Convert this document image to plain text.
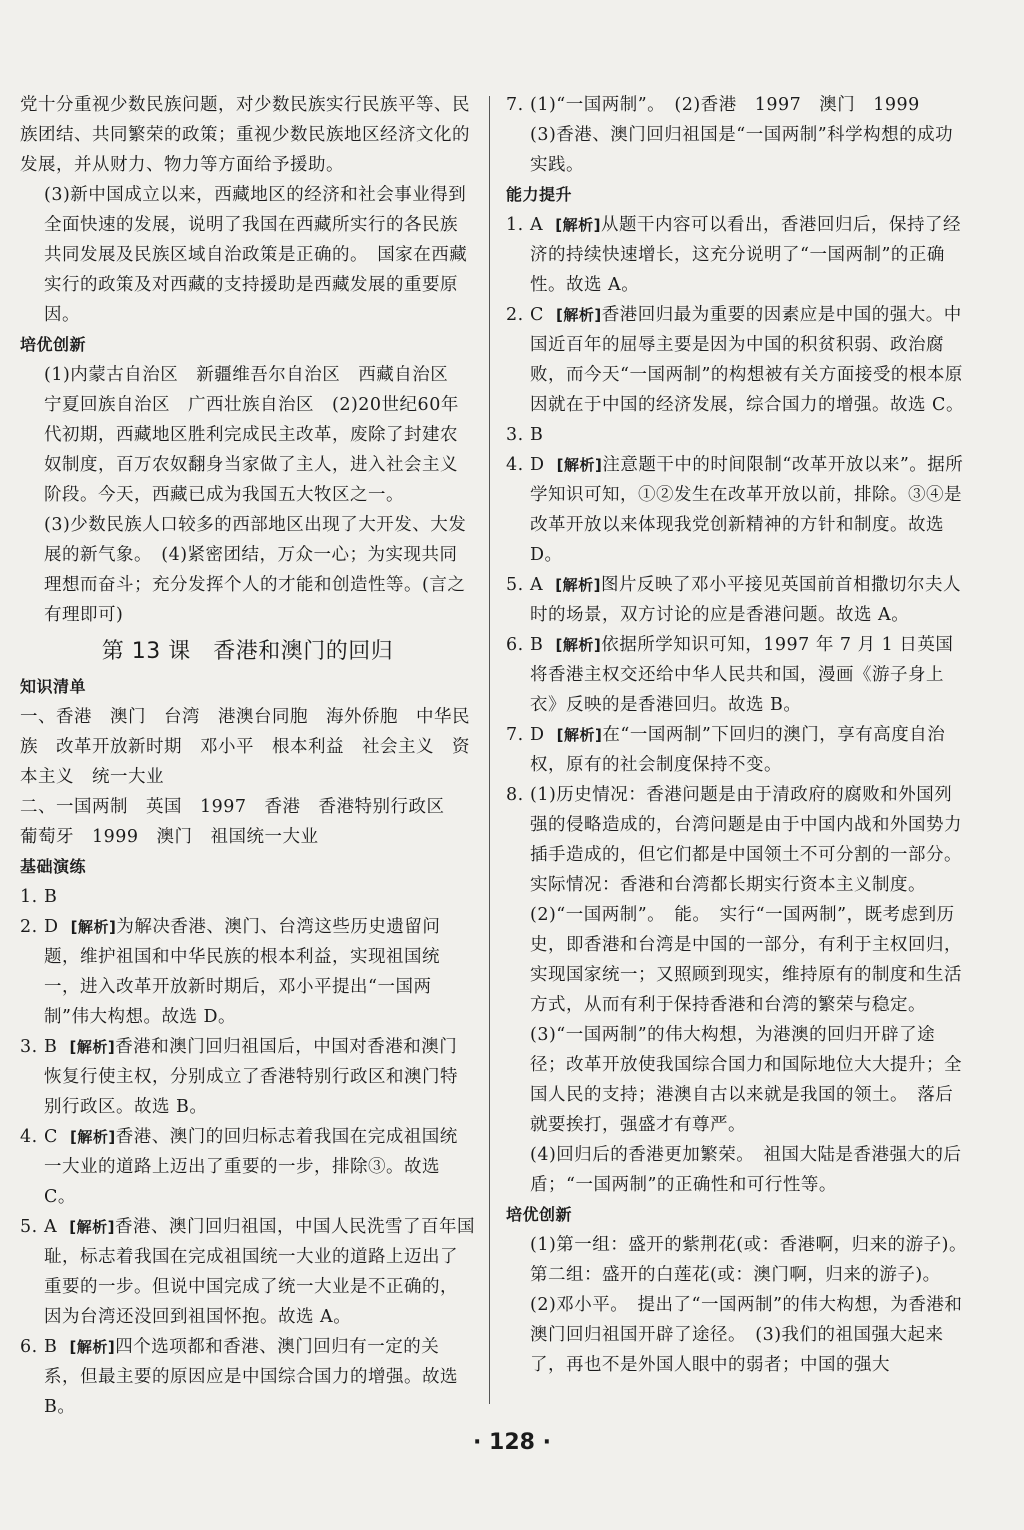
党十分重视少数民族问题，对少数民族实行民族平等、民族团结、共同繁荣的政策；重视少数民族地区经济文化的发展，并从财力、物力等方面给予援助。

(3)新中国成立以来，西藏地区的经济和社会事业得到全面快速的发展，说明了我国在西藏所实行的各民族共同发展及民族区域自治政策是正确的。　国家在西藏实行的政策及对西藏的支持援助是西藏发展的重要原因。

培优创新

(1)内蒙古自治区　新疆维吾尔自治区　西藏自治区　宁夏回族自治区　广西壮族自治区　(2)20世纪60年代初期，西藏地区胜利完成民主改革，废除了封建农奴制度，百万农奴翻身当家做了主人，进入社会主义阶段。今天，西藏已成为我国五大牧区之一。

(3)少数民族人口较多的西部地区出现了大开发、大发展的新气象。　(4)紧密团结，万众一心；为实现共同理想而奋斗；充分发挥个人的才能和创造性等。(言之有理即可)

第 13 课　香港和澳门的回归

知识清单

一、香港　澳门　台湾　港澳台同胞　海外侨胞　中华民族　改革开放新时期　邓小平　根本利益　社会主义　资本主义　统一大业

二、一国两制　英国　1997　香港　香港特别行政区　葡萄牙　1999　澳门　祖国统一大业

基础演练

1. B
2. D [解析]为解决香港、澳门、台湾这些历史遗留问题，维护祖国和中华民族的根本利益，实现祖国统一，进入改革开放新时期后，邓小平提出“一国两制”伟大构想。故选 D。
3. B [解析]香港和澳门回归祖国后，中国对香港和澳门恢复行使主权，分别成立了香港特别行政区和澳门特别行政区。故选 B。
4. C [解析]香港、澳门的回归标志着我国在完成祖国统一大业的道路上迈出了重要的一步，排除③。故选 C。
5. A [解析]香港、澳门回归祖国，中国人民洗雪了百年国耻，标志着我国在完成祖国统一大业的道路上迈出了重要的一步。但说中国完成了统一大业是不正确的，因为台湾还没回到祖国怀抱。故选 A。
6. B [解析]四个选项都和香港、澳门回归有一定的关系，但最主要的原因应是中国综合国力的增强。故选 B。
7. (1)“一国两制”。　(2)香港　1997　澳门　1999

(3)香港、澳门回归祖国是“一国两制”科学构想的成功实践。

能力提升

1. A [解析]从题干内容可以看出，香港回归后，保持了经济的持续快速增长，这充分说明了“一国两制”的正确性。故选 A。
2. C [解析]香港回归最为重要的因素应是中国的强大。中国近百年的屈辱主要是因为中国的积贫积弱、政治腐败，而今天“一国两制”的构想被有关方面接受的根本原因就在于中国的经济发展，综合国力的增强。故选 C。
3. B
4. D [解析]注意题干中的时间限制“改革开放以来”。据所学知识可知，①②发生在改革开放以前，排除。③④是改革开放以来体现我党创新精神的方针和制度。故选 D。
5. A [解析]图片反映了邓小平接见英国前首相撒切尔夫人时的场景，双方讨论的应是香港问题。故选 A。
6. B [解析]依据所学知识可知，1997 年 7 月 1 日英国将香港主权交还给中华人民共和国，漫画《游子身上衣》反映的是香港回归。故选 B。
7. D [解析]在“一国两制”下回归的澳门，享有高度自治权，原有的社会制度保持不变。
8. (1)历史情况：香港问题是由于清政府的腐败和外国列强的侵略造成的，台湾问题是由于中国内战和外国势力插手造成的，但它们都是中国领土不可分割的一部分。　实际情况：香港和台湾都长期实行资本主义制度。　(2)“一国两制”。　能。　实行“一国两制”，既考虑到历史，即香港和台湾是中国的一部分，有利于主权回归，实现国家统一；又照顾到现实，维持原有的制度和生活方式，从而有利于保持香港和台湾的繁荣与稳定。　(3)“一国两制”的伟大构想，为港澳的回归开辟了途径；改革开放使我国综合国力和国际地位大大提升；全国人民的支持；港澳自古以来就是我国的领土。　落后就要挨打，强盛才有尊严。

(4)回归后的香港更加繁荣。　祖国大陆是香港强大的后盾；“一国两制”的正确性和可行性等。

培优创新

(1)第一组：盛开的紫荆花(或：香港啊，归来的游子)。第二组：盛开的白莲花(或：澳门啊，归来的游子)。

(2)邓小平。　提出了“一国两制”的伟大构想，为香港和澳门回归祖国开辟了途径。　(3)我们的祖国强大起来了，再也不是外国人眼中的弱者；中国的强大

· 128 ·
